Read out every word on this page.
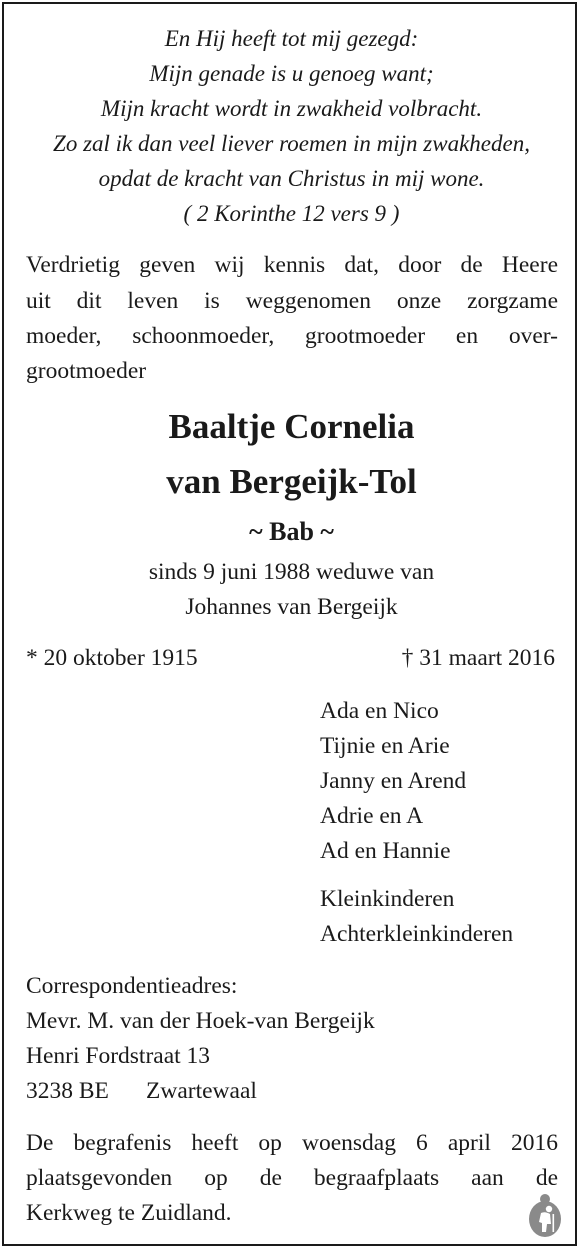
En Hij heeft tot mij gezegd:
Mijn genade is u genoeg want;
Mijn kracht wordt in zwakheid volbracht.
Zo zal ik dan veel liever roemen in mijn zwakheden,
opdat de kracht van Christus in mij wone.
( 2 Korinthe 12 vers 9 )
Verdrietig geven wij kennis dat, door de Heere
uit dit leven is weggenomen onze zorgzame
moeder, schoonmoeder, grootmoeder en over-
grootmoeder
Baaltje Cornelia
van Bergeijk-Tol
~ Bab ~
sinds 9 juni 1988 weduwe van
Johannes van Bergeijk
* 20 oktober 1915	† 31 maart 2016
Ada en Nico
Tijnie en Arie
Janny en Arend
Adrie en A
Ad en Hannie
Kleinkinderen
Achterkleinkinderen
Correspondentieadres:
Mevr. M. van der Hoek-van Bergeijk
Henri Fordstraat 13
3238 BE Zwartewaal
De begrafenis heeft op woensdag 6 april 2016
plaatsgevonden op de begraafplaats aan de
Kerkweg te Zuidland.
